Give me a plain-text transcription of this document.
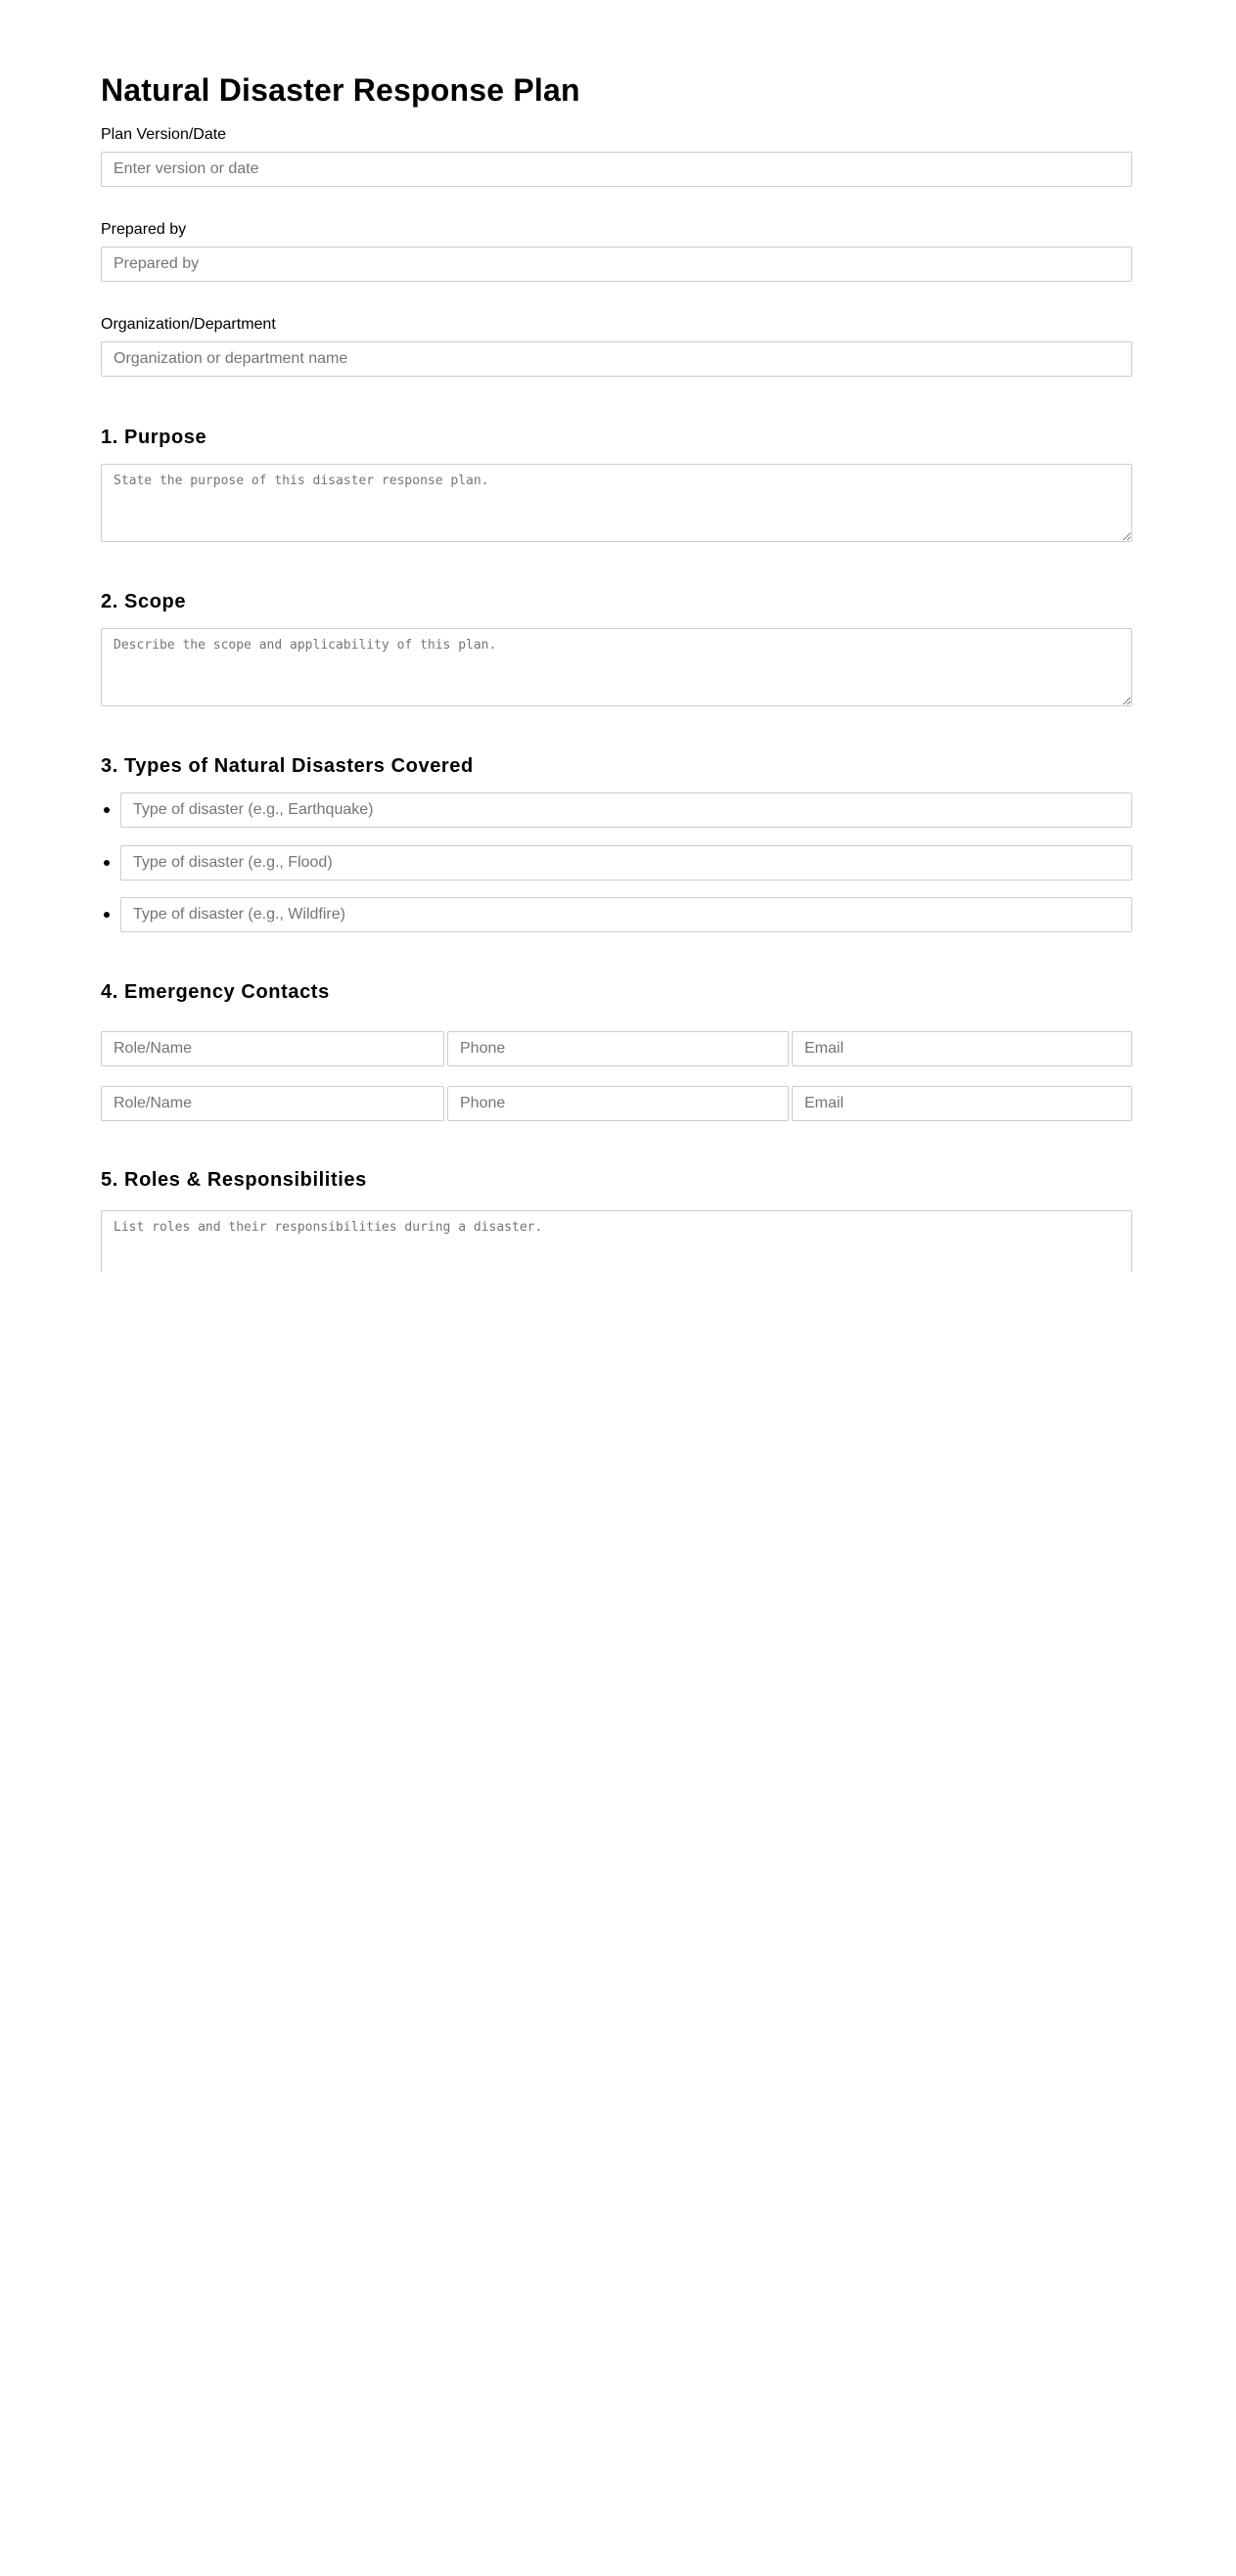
Natural Disaster Response Plan
Plan Version/Date
Enter version or date
Prepared by
Prepared by
Organization/Department
Organization or department name
1. Purpose
State the purpose of this disaster response plan.
2. Scope
Describe the scope and applicability of this plan.
3. Types of Natural Disasters Covered
Type of disaster (e.g., Earthquake)
Type of disaster (e.g., Flood)
Type of disaster (e.g., Wildfire)
4. Emergency Contacts
Role/Name
Phone
Email
Role/Name
Phone
Email
5. Roles & Responsibilities
List roles and their responsibilities during a disaster.
